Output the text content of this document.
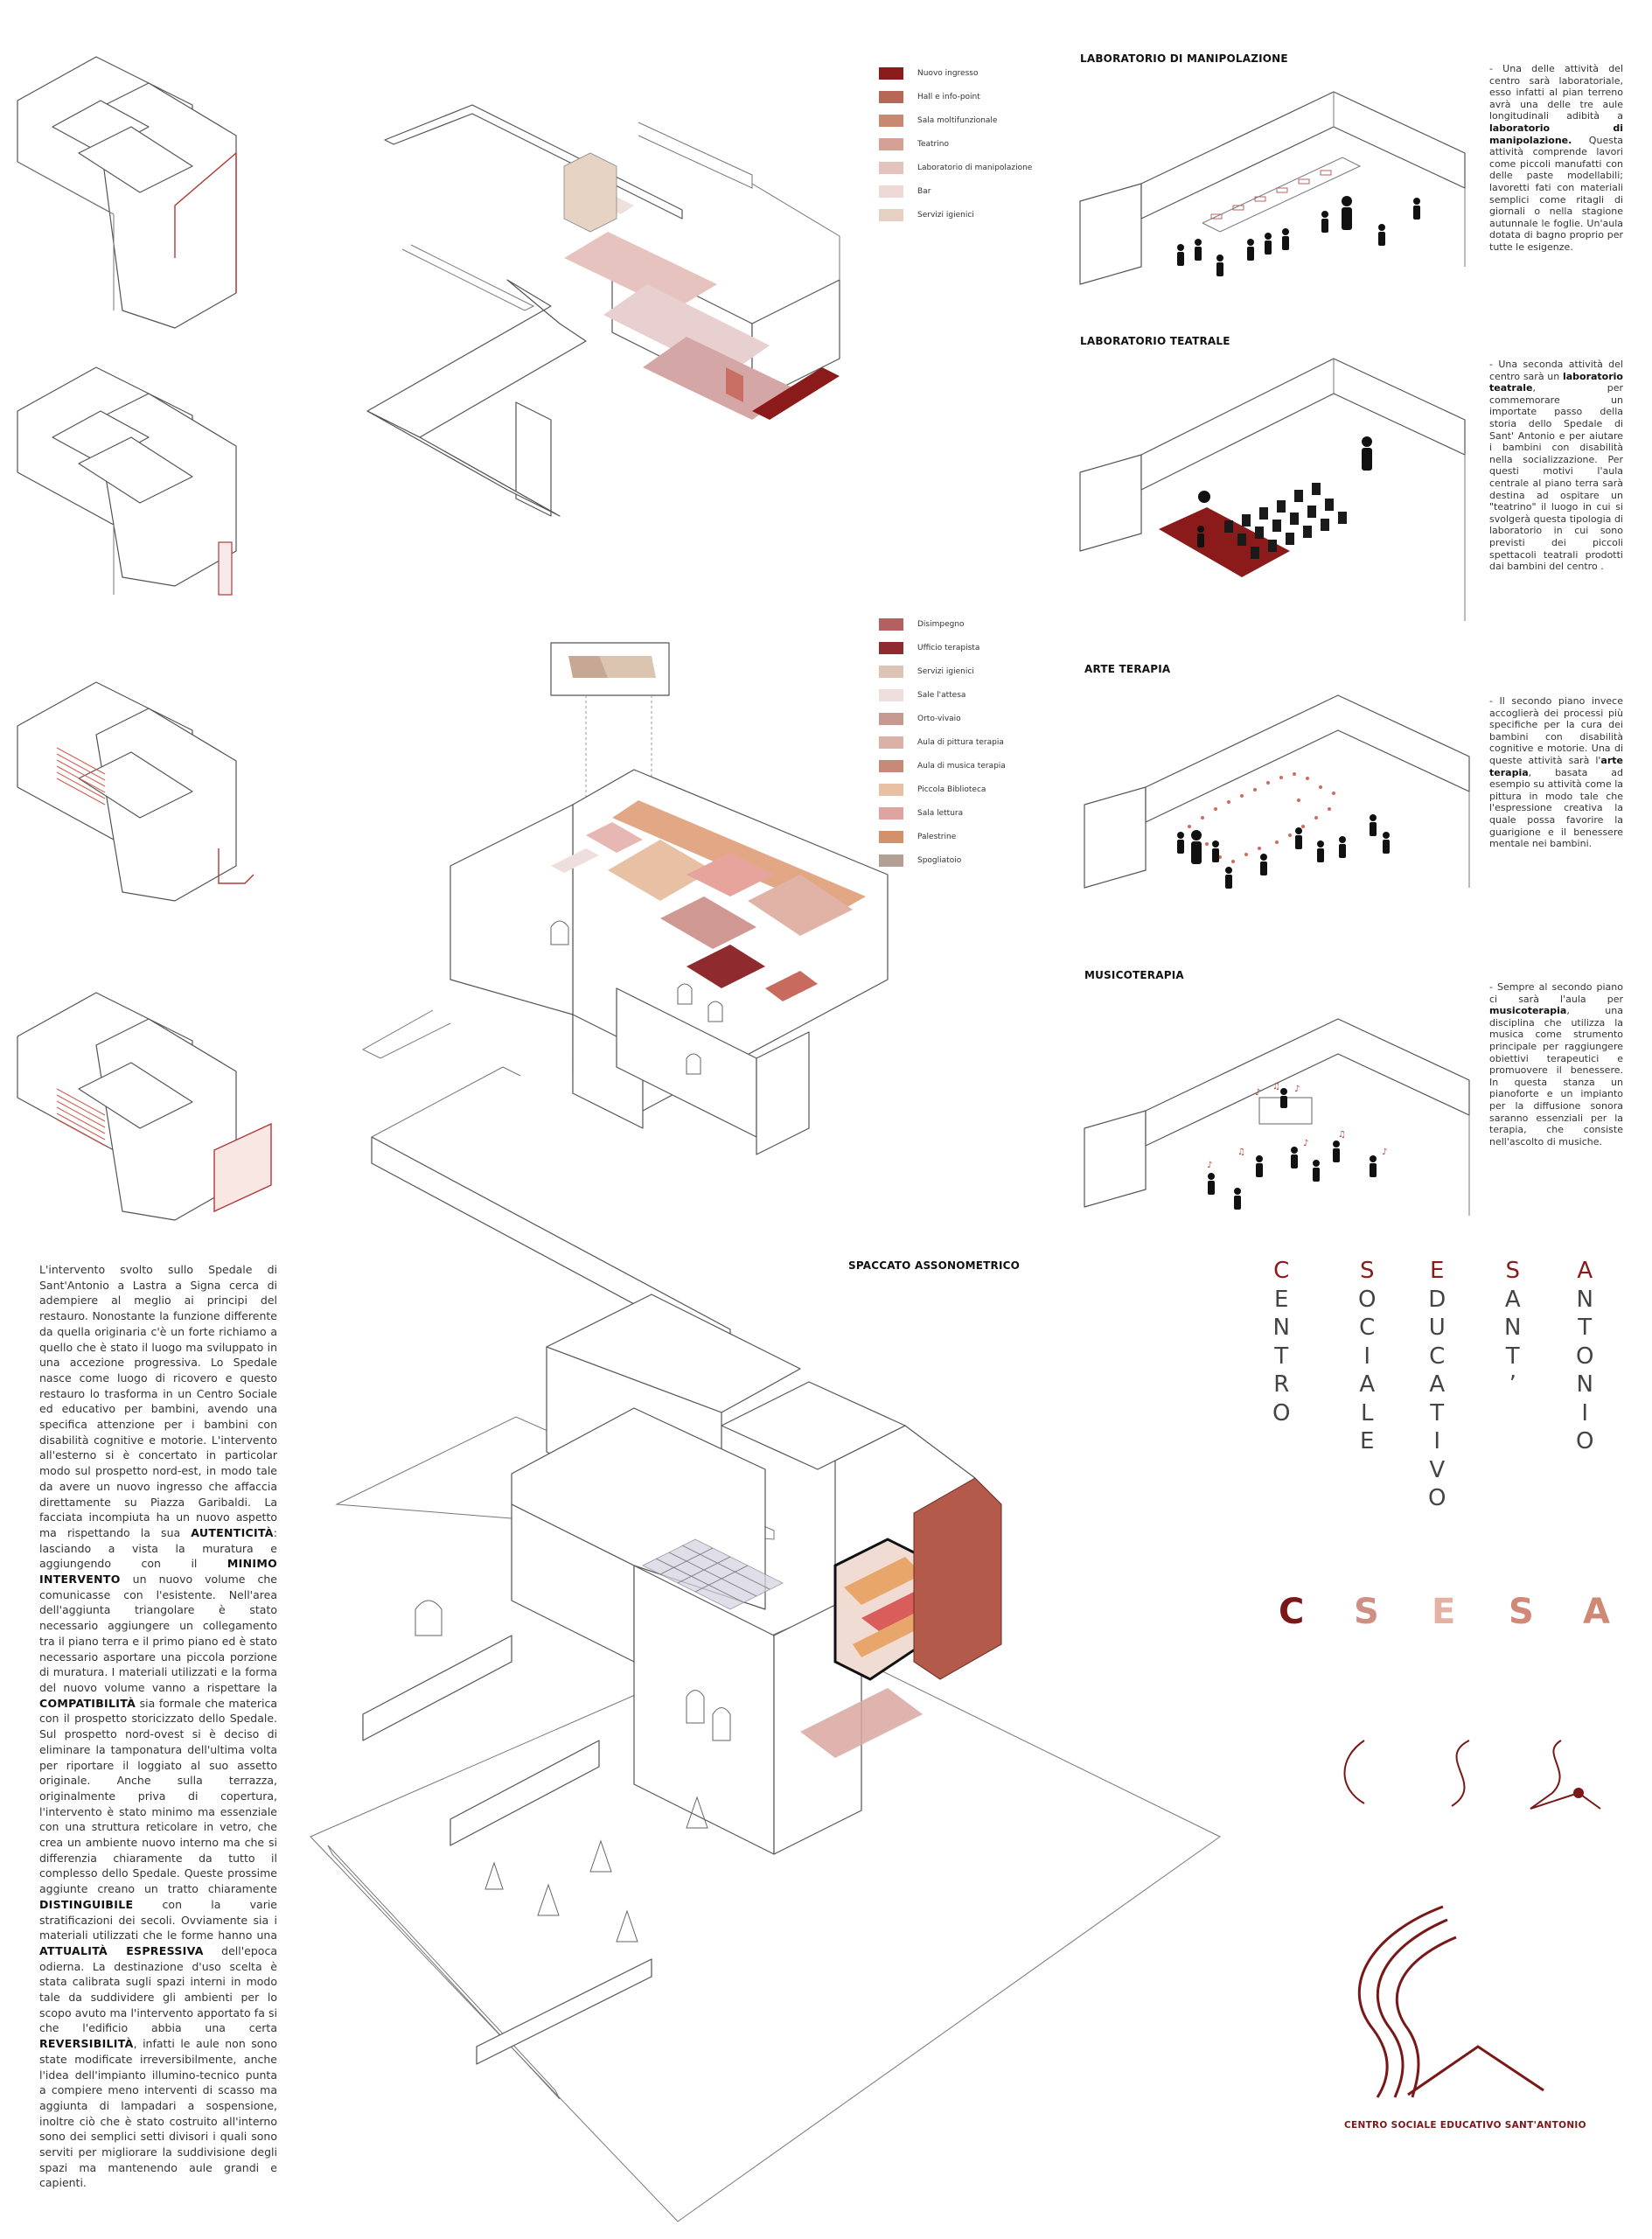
Nuovo ingresso
Hall e info-point
Sala moltifunzionale
Teatrino
Laboratorio di manipolazione
Bar
Servizi igienici
Disimpegno
Ufficio terapista
Servizi igienici
Sale l'attesa
Orto-vivaio
Aula di pittura terapia
Aula di musica terapia
Piccola Biblioteca
Sala lettura
Palestrine
Spogliatoio
LABORATORIO DI MANIPOLAZIONE
LABORATORIO TEATRALE
ARTE TERAPIA
MUSICOTERAPIA
♪
♫ ♪
♪
♫
♪
♫
♪
- Una delle attività del centro sarà laboratoriale, esso infatti al pian terreno avrà una delle tre aule longitudinali adibità a laboratorio di manipolazione. Questa attività comprende lavori come piccoli manufatti con delle paste modellabili; lavoretti fati con materiali semplici come ritagli di giornali o nella stagione autunnale le foglie. Un'aula dotata di bagno proprio per tutte le esigenze.
- Una seconda attività del centro sarà un laboratorio teatrale, per commemorare un importate passo della storia dello Spedale di Sant' Antonio e per aiutare i bambini con disabilità nella socializzazione. Per questi motivi l'aula centrale al piano terra sarà destina ad ospitare un "teatrino" il luogo in cui si svolgerà questa tipologia di laboratorio in cui sono previsti dei piccoli spettacoli teatrali prodotti dai bambini del centro .
- Il secondo piano invece accoglierà dei processi più specifiche per la cura dei bambini con disabilità cognitive e motorie. Una di queste attività sarà l'arte terapia, basata ad esempio su attività come la pittura in modo tale che l'espressione creativa la quale possa favorire la guarigione e il benessere mentale nei bambini.
- Sempre al secondo piano ci sarà l'aula per musicoterapia, una disciplina che utilizza la musica come strumento principale per raggiungere obiettivi terapeutici e promuovere il benessere. In questa stanza un pianoforte e un impianto per la diffusione sonora saranno essenziali per la terapia, che consiste nell'ascolto di musiche.
L'intervento svolto sullo Spedale di Sant'Antonio a Lastra a Signa cerca di adempiere al meglio ai principi del restauro. Nonostante la funzione differente da quella originaria c'è un forte richiamo a quello che è stato il luogo ma sviluppato in una accezione progressiva. Lo Spedale nasce come luogo di ricovero e questo restauro lo trasforma in un Centro Sociale ed educativo per bambini, avendo una specifica attenzione per i bambini con disabilità cognitive e motorie. L'intervento all'esterno si è concertato in particolar modo sul prospetto nord-est, in modo tale da avere un nuovo ingresso che affaccia direttamente su Piazza Garibaldi. La facciata incompiuta ha un nuovo aspetto ma rispettando la sua AUTENTICITÀ: lasciando a vista la muratura e aggiungendo con il MINIMO INTERVENTO un nuovo volume che comunicasse con l'esistente. Nell'area dell'aggiunta triangolare è stato necessario aggiungere un collegamento tra il piano terra e il primo piano ed è stato necessario asportare una piccola porzione di muratura. I materiali utilizzati e la forma del nuovo volume vanno a rispettare la COMPATIBILITÀ sia formale che materica con il prospetto storicizzato dello Spedale. Sul prospetto nord-ovest si è deciso di eliminare la tamponatura dell'ultima volta per riportare il loggiato al suo assetto originale. Anche sulla terrazza, originalmente priva di copertura, l'intervento è stato minimo ma essenziale con una struttura reticolare in vetro, che crea un ambiente nuovo interno ma che si differenzia chiaramente da tutto il complesso dello Spedale. Queste prossime aggiunte creano un tratto chiaramente DISTINGUIBILE con la varie stratificazioni dei secoli. Ovviamente sia i materiali utilizzati che le forme hanno una ATTUALITÀ ESPRESSIVA dell'epoca odierna. La destinazione d'uso scelta è stata calibrata sugli spazi interni in modo tale da suddividere gli ambienti per lo scopo avuto ma l'intervento apportato fa si che l'edificio abbia una certa REVERSIBILITÀ, infatti le aule non sono state modificate irreversibilmente, anche l'idea dell'impianto illumino-tecnico punta a compiere meno interventi di scasso ma aggiunta di lampadari a sospensione, inoltre ciò che è stato costruito all'interno sono dei semplici setti divisori i quali sono serviti per migliorare la suddivisione degli spazi ma mantenendo aule grandi e capienti.
SPACCATO ASSONOMETRICO	C
E
N
T
R
O
S
O
C
I
A
L
E
E
D
U
C
A
T
I
V
O
S
A
N
T
’
A
N
T
O
N
I
O
C S E S A
CENTRO SOCIALE EDUCATIVO SANT'ANTONIO
